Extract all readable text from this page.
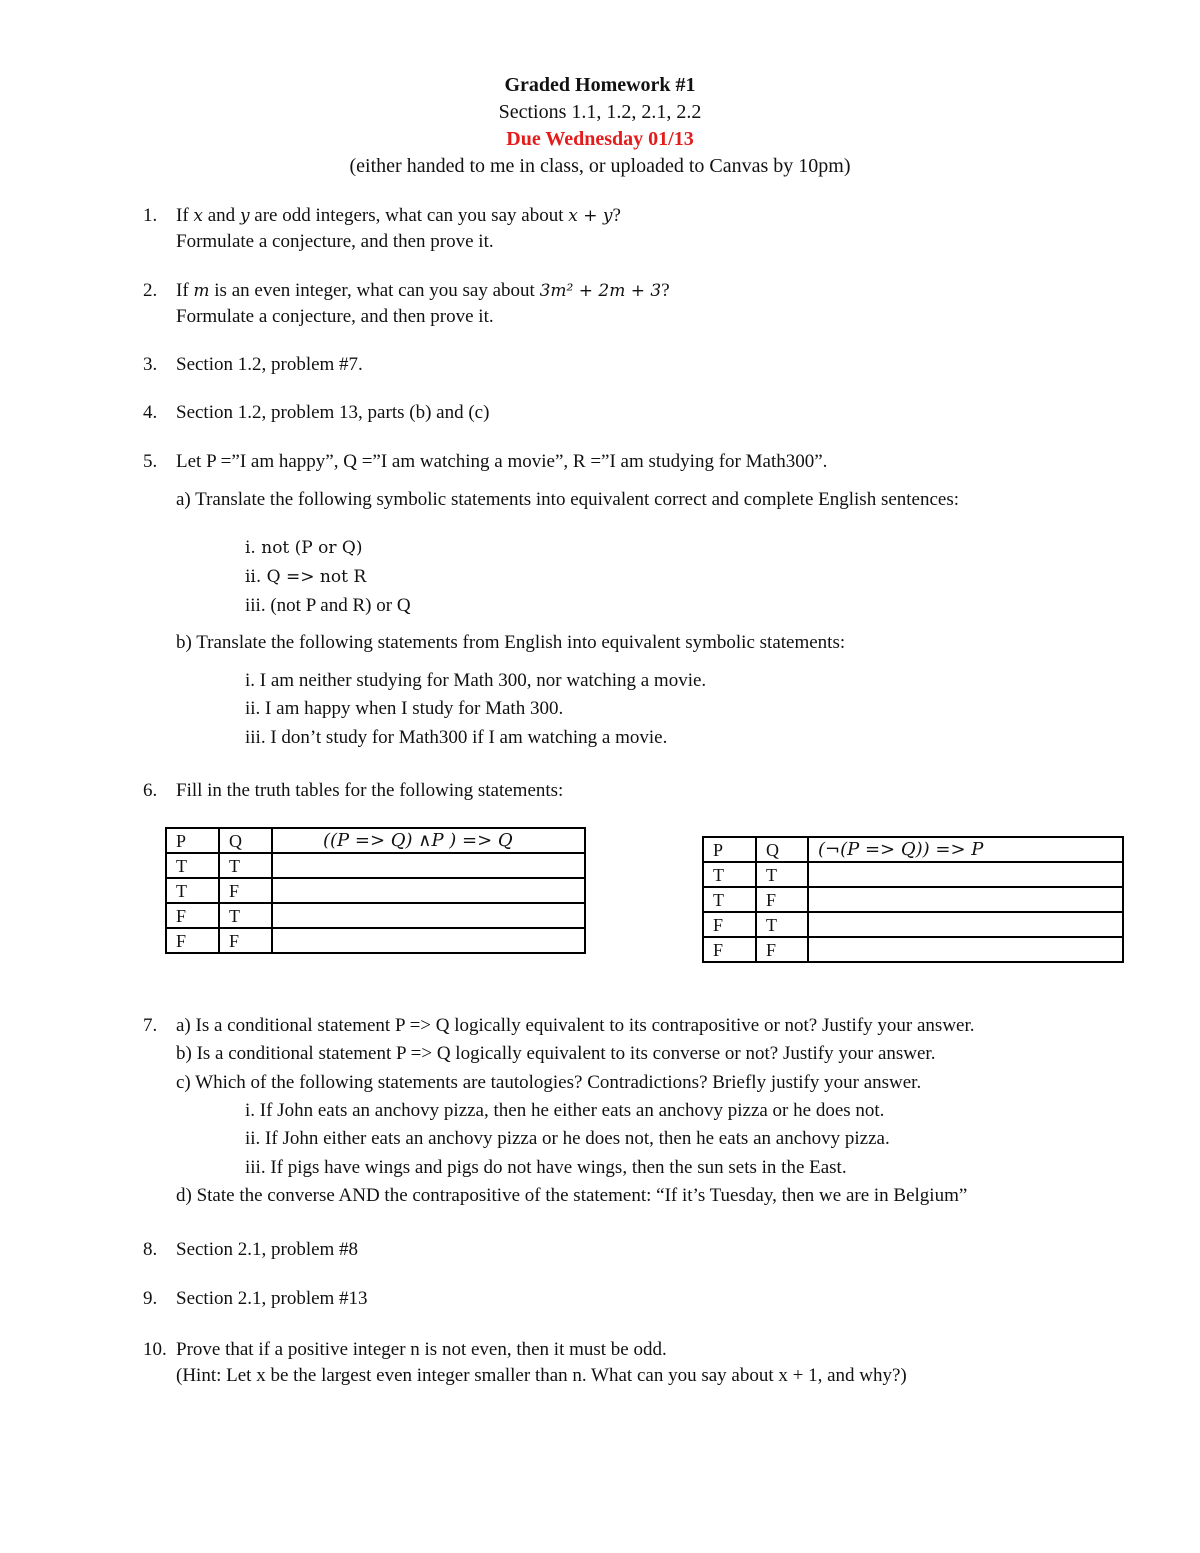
Graded Homework #1
Sections 1.1, 1.2, 2.1, 2.2
Due Wednesday 01/13
(either handed to me in class, or uploaded to Canvas by 10pm)
1. If x and y are odd integers, what can you say about x + y?
Formulate a conjecture, and then prove it.
2. If m is an even integer, what can you say about 3m² + 2m + 3?
Formulate a conjecture, and then prove it.
3. Section 1.2, problem #7.
4. Section 1.2, problem 13, parts (b) and (c)
5. Let P =”I am happy”, Q =”I am watching a movie”, R =”I am studying for Math300”.
a) Translate the following symbolic statements into equivalent correct and complete English sentences:
i. not (P or Q)
ii. Q => not R
iii. (not P and R) or Q
b) Translate the following statements from English into equivalent symbolic statements:
i. I am neither studying for Math 300, nor watching a movie.
ii. I am happy when I study for Math 300.
iii. I don’t study for Math300 if I am watching a movie.
6. Fill in the truth tables for the following statements:
P	Q	((P => Q) ∧P ) => Q
T	T	
T	F	
F	T	
F	F	
P	Q	(¬(P => Q)) => P
T	T	
T	F	
F	T	
F	F	
7. a) Is a conditional statement P => Q logically equivalent to its contrapositive or not? Justify your answer.
b) Is a conditional statement P => Q logically equivalent to its converse or not? Justify your answer.
c) Which of the following statements are tautologies? Contradictions? Briefly justify your answer.
i. If John eats an anchovy pizza, then he either eats an anchovy pizza or he does not.
ii. If John either eats an anchovy pizza or he does not, then he eats an anchovy pizza.
iii. If pigs have wings and pigs do not have wings, then the sun sets in the East.
d) State the converse AND the contrapositive of the statement: “If it’s Tuesday, then we are in Belgium”
8. Section 2.1, problem #8
9. Section 2.1, problem #13
10. Prove that if a positive integer n is not even, then it must be odd.
(Hint: Let x be the largest even integer smaller than n. What can you say about x + 1, and why?)
